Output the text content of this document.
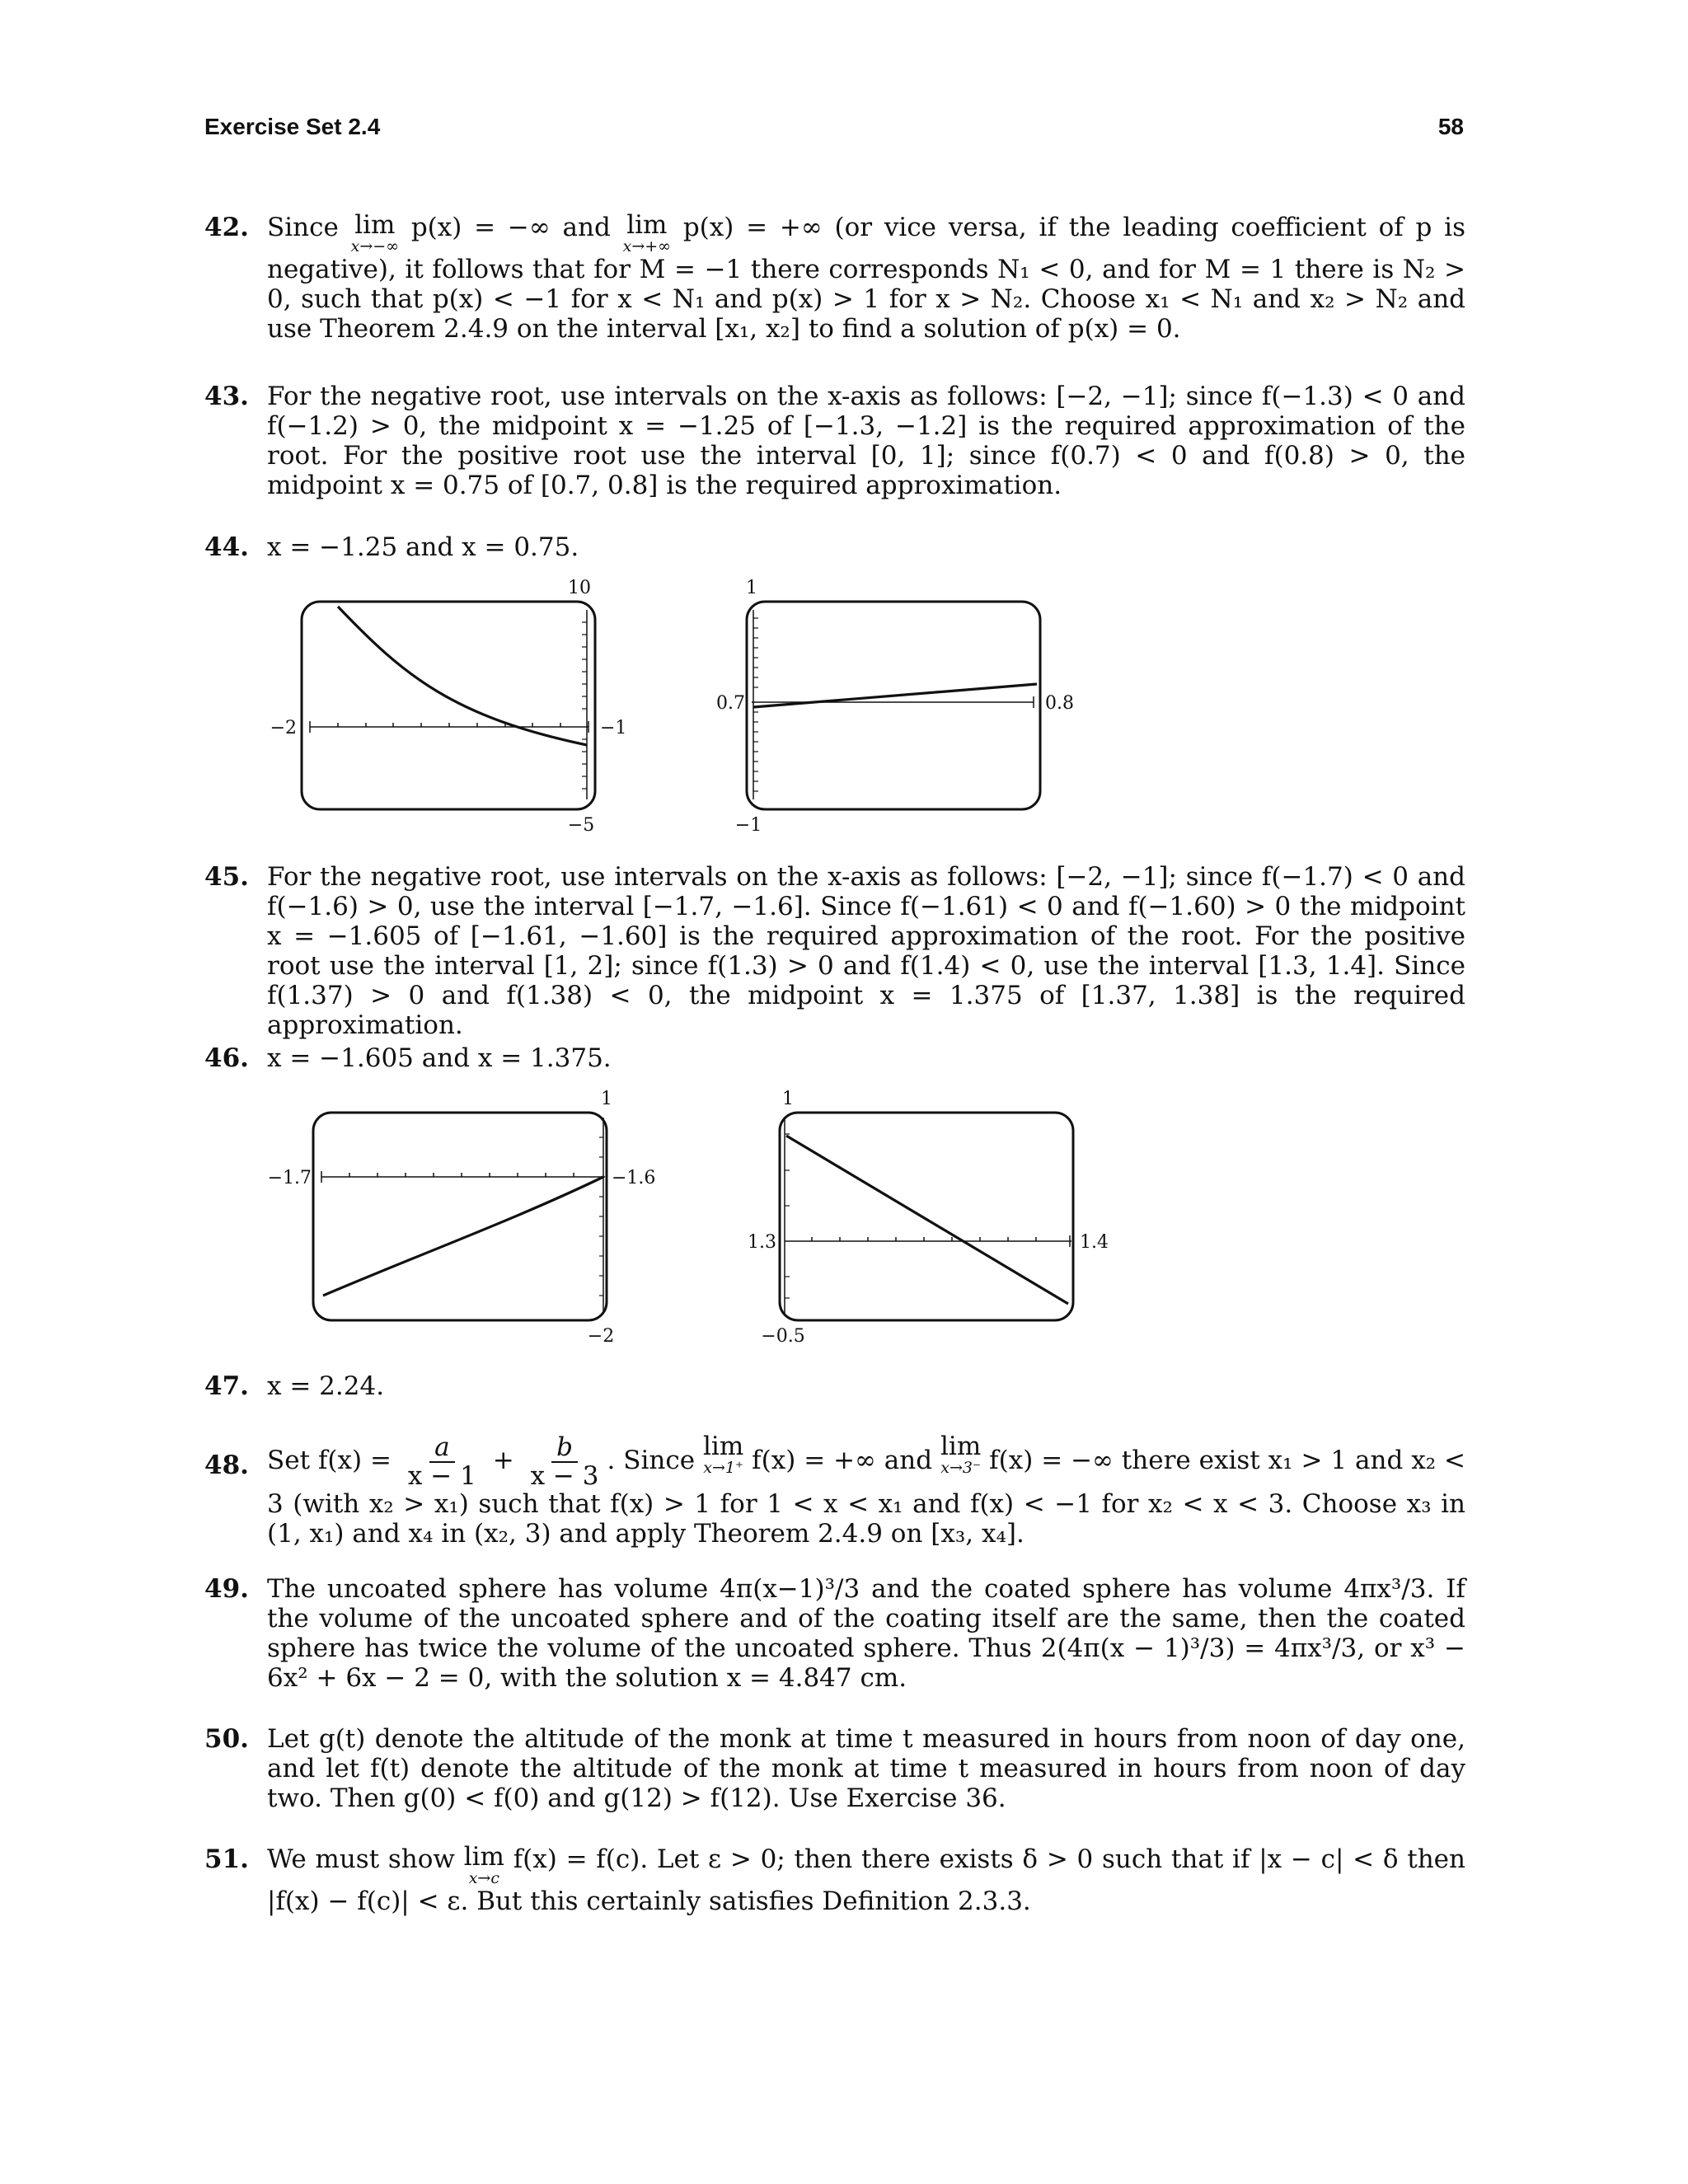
Exercise Set 2.4	58
42. Since lim
x→−∞
p(x) = −∞ and lim
x→+∞
p(x) = +∞ (or vice versa, if the leading coefficient of p is negative), it follows that for M = −1 there corresponds N₁ < 0, and for M = 1 there is N₂ > 0, such that p(x) < −1 for x < N₁ and p(x) > 1 for x > N₂. Choose x₁ < N₁ and x₂ > N₂ and use Theorem 2.4.9 on the interval [x₁, x₂] to find a solution of p(x) = 0.
43. For the negative root, use intervals on the x-axis as follows: [−2, −1]; since f(−1.3) < 0 and f(−1.2) > 0, the midpoint x = −1.25 of [−1.3, −1.2] is the required approximation of the root. For the positive root use the interval [0, 1]; since f(0.7) < 0 and f(0.8) > 0, the midpoint x = 0.75 of [0.7, 0.8] is the required approximation.
44. x = −1.25 and x = 0.75.
10
−2	−1
−5
1
0.7	0.8
−1
45. For the negative root, use intervals on the x-axis as follows: [−2, −1]; since f(−1.7) < 0 and f(−1.6) > 0, use the interval [−1.7, −1.6]. Since f(−1.61) < 0 and f(−1.60) > 0 the midpoint x = −1.605 of [−1.61, −1.60] is the required approximation of the root. For the positive root use the interval [1, 2]; since f(1.3) > 0 and f(1.4) < 0, use the interval [1.3, 1.4]. Since f(1.37) > 0 and f(1.38) < 0, the midpoint x = 1.375 of [1.37, 1.38] is the required approximation.
46. x = −1.605 and x = 1.375.
1
−1.7	−1.6
−2
1
1.3	1.4
−0.5
47. x = 2.24.
48. Set $f(x) = \frac{a}{x - 1} + \frac{b}{x - 3}$ . Since lim
x→1⁺ f(x) = +∞ and lim
x→3⁻ f(x) = −∞ there exist x₁ > 1 and x₂ < 3 (with x₂ > x₁) such that f(x) > 1 for 1 < x < x₁ and f(x) < −1 for x₂ < x < 3. Choose x₃ in (1, x₁) and x₄ in (x₂, 3) and apply Theorem 2.4.9 on [x₃, x₄].
49. The uncoated sphere has volume 4π(x−1)³/3 and the coated sphere has volume 4πx³/3. If the volume of the uncoated sphere and of the coating itself are the same, then the coated sphere has twice the volume of the uncoated sphere. Thus 2(4π(x − 1)³/3) = 4πx³/3, or x³ − 6x² + 6x − 2 = 0, with the solution x = 4.847 cm.
50. Let g(t) denote the altitude of the monk at time t measured in hours from noon of day one, and let f(t) denote the altitude of the monk at time t measured in hours from noon of day two. Then g(0) < f(0) and g(12) > f(12). Use Exercise 36.
51. We must show lim
x→c
f(x) = f(c). Let ε > 0; then there exists δ > 0 such that if |x − c| < δ then |f(x) − f(c)| < ε. But this certainly satisfies Definition 2.3.3.
